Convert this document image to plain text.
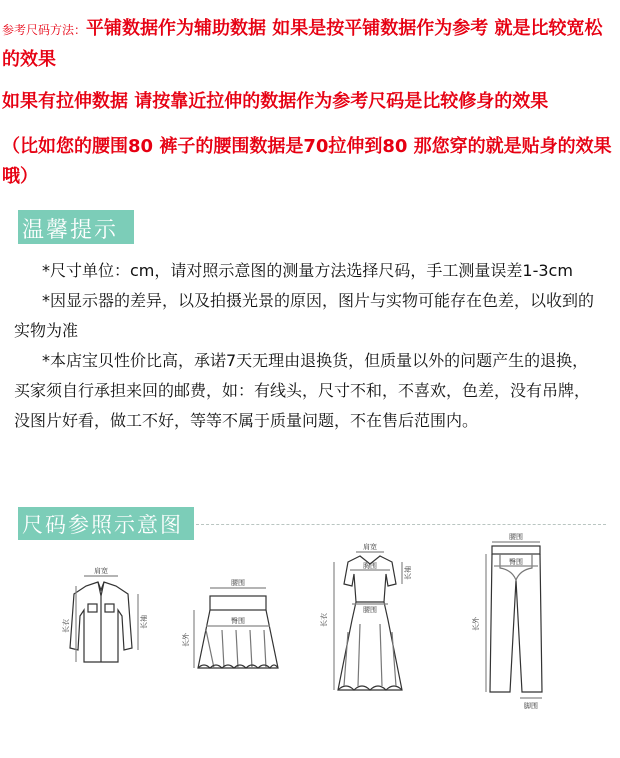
参考尺码方法：平铺数据作为辅助数据 如果是按平铺数据作为参考 就是比较宽松的效果
如果有拉伸数据 请按靠近拉伸的数据作为参考尺码是比较修身的效果
（比如您的腰围80 裤子的腰围数据是70拉伸到80 那您穿的就是贴身的效果哦）
温馨提示
*尺寸单位：cm，请对照示意图的测量方法选择尺码，手工测量误差1-3cm
*因显示器的差异，以及拍摄光景的原因，图片与实物可能存在色差，以收到的实物为准
*本店宝贝性价比高，承诺7天无理由退换货，但质量以外的问题产生的退换，买家须自行承担来回的邮费，如：有线头，尺寸不和，不喜欢，色差，没有吊牌，没图片好看，做工不好，等等不属于质量问题，不在售后范围内。
尺码参照示意图
肩宽
长衣	长袖
腰围
臀围
长外
肩宽
胸围
腰围
长衣
长袖
腰围
臀围
长外
脚围
